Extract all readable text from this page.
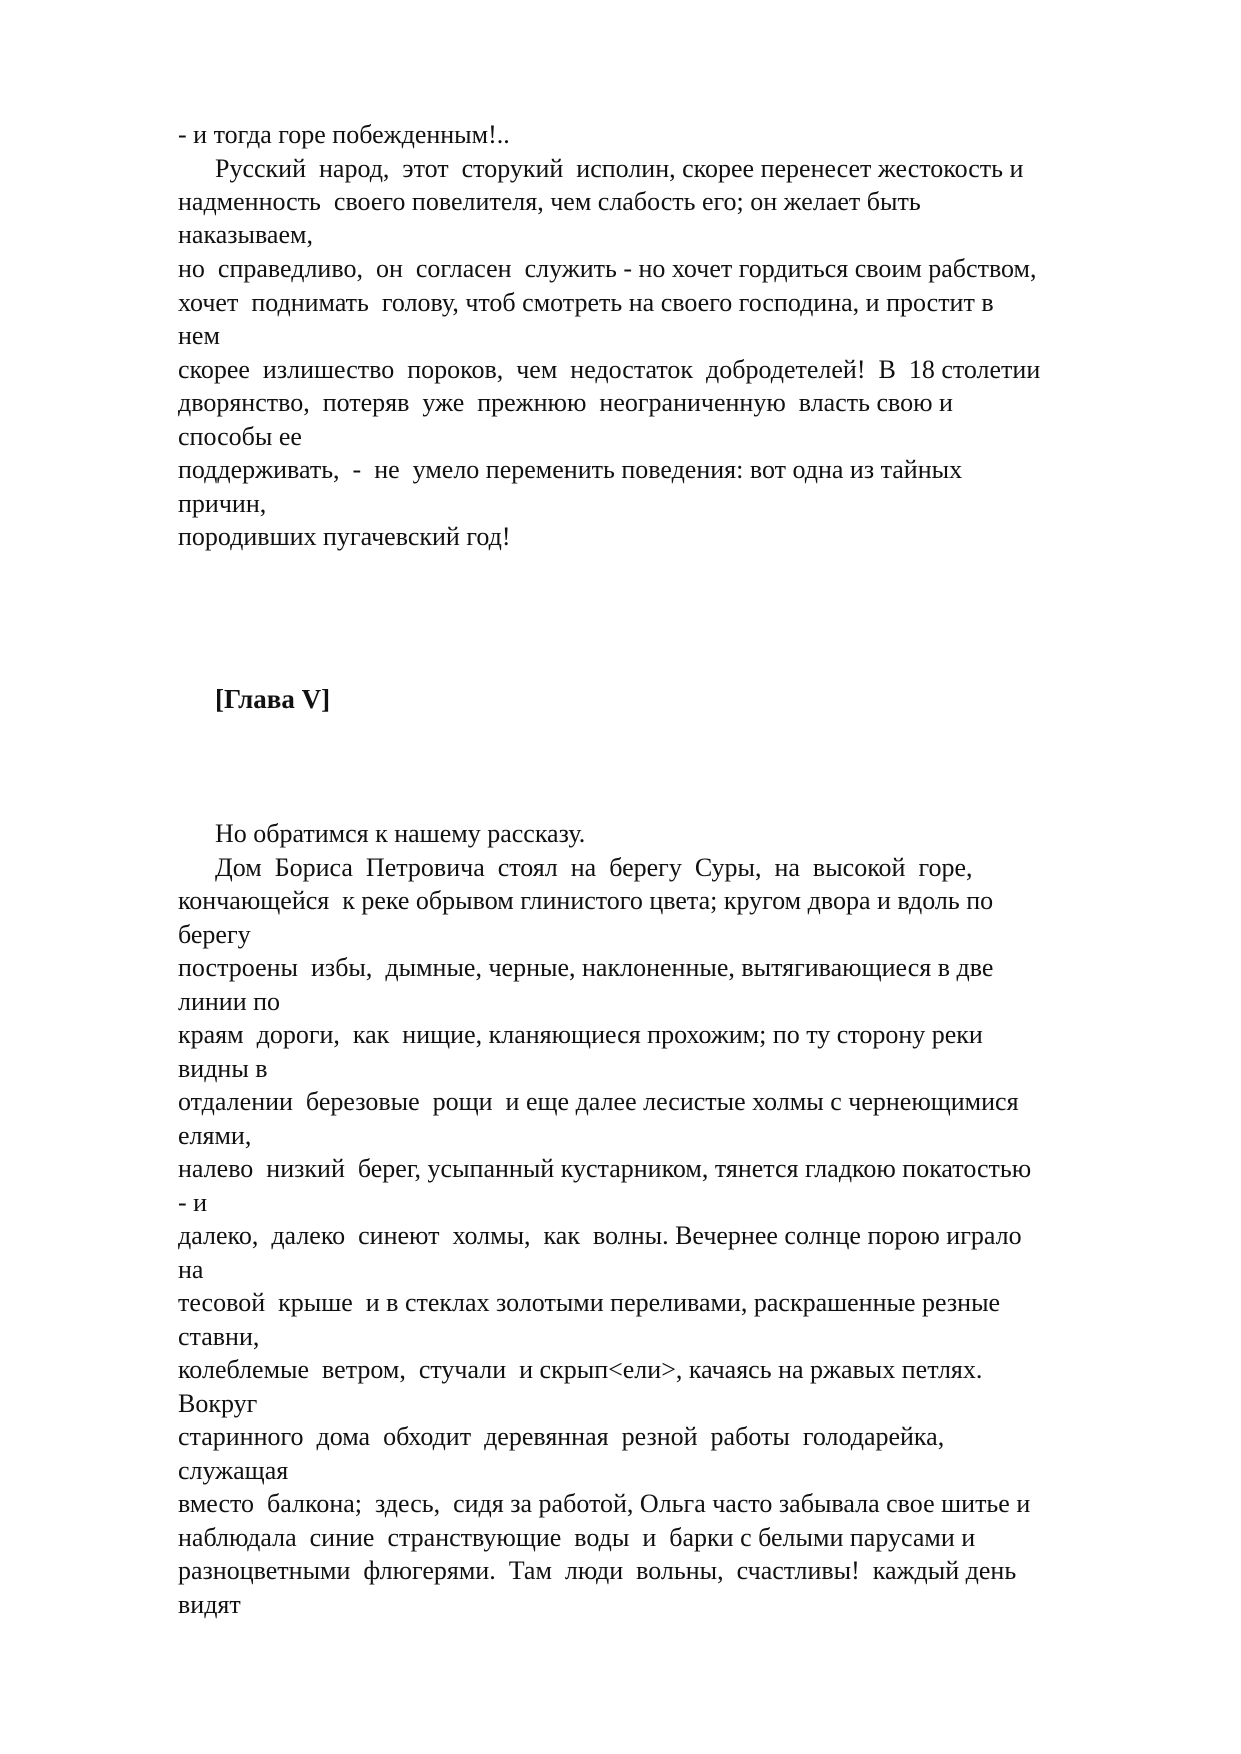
- и тогда горе побежденным!..
Русский  народ,  этот  сторукий  исполин, скорее перенесет жестокость и
надменность  своего повелителя, чем слабость его; он желает быть
наказываем,
но  справедливо,  он  согласен  служить - но хочет гордиться своим рабством,
хочет  поднимать  голову, чтоб смотреть на своего господина, и простит в
нем
скорее  излишество  пороков,  чем  недостаток  добродетелей!  В  18 столетии
дворянство,  потеряв  уже  прежнюю  неограниченную  власть свою и
способы ее
поддерживать,  -  не  умело переменить поведения: вот одна из тайных
причин,
породивших пугачевский год!
[Глава V]
Но обратимся к нашему рассказу.
Дом  Бориса  Петровича  стоял  на  берегу  Суры,  на  высокой  горе,
кончающейся  к реке обрывом глинистого цвета; кругом двора и вдоль по
берегу
построены  избы,  дымные, черные, наклоненные, вытягивающиеся в две
линии по
краям  дороги,  как  нищие, кланяющиеся прохожим; по ту сторону реки
видны в
отдалении  березовые  рощи  и еще далее лесистые холмы с чернеющимися
елями,
налево  низкий  берег, усыпанный кустарником, тянется гладкою покатостью
- и
далеко,  далеко  синеют  холмы,  как  волны. Вечернее солнце порою играло
на
тесовой  крыше  и в стеклах золотыми переливами, раскрашенные резные
ставни,
колеблемые  ветром,  стучали  и скрып<ели>, качаясь на ржавых петлях.
Вокруг
старинного  дома  обходит  деревянная  резной  работы  голодарейка,
служащая
вместо  балкона;  здесь,  сидя за работой, Ольга часто забывала свое шитье и
наблюдала  синие  странствующие  воды  и  барки с белыми парусами и
разноцветными  флюгерями.  Там  люди  вольны,  счастливы!  каждый день
видят
